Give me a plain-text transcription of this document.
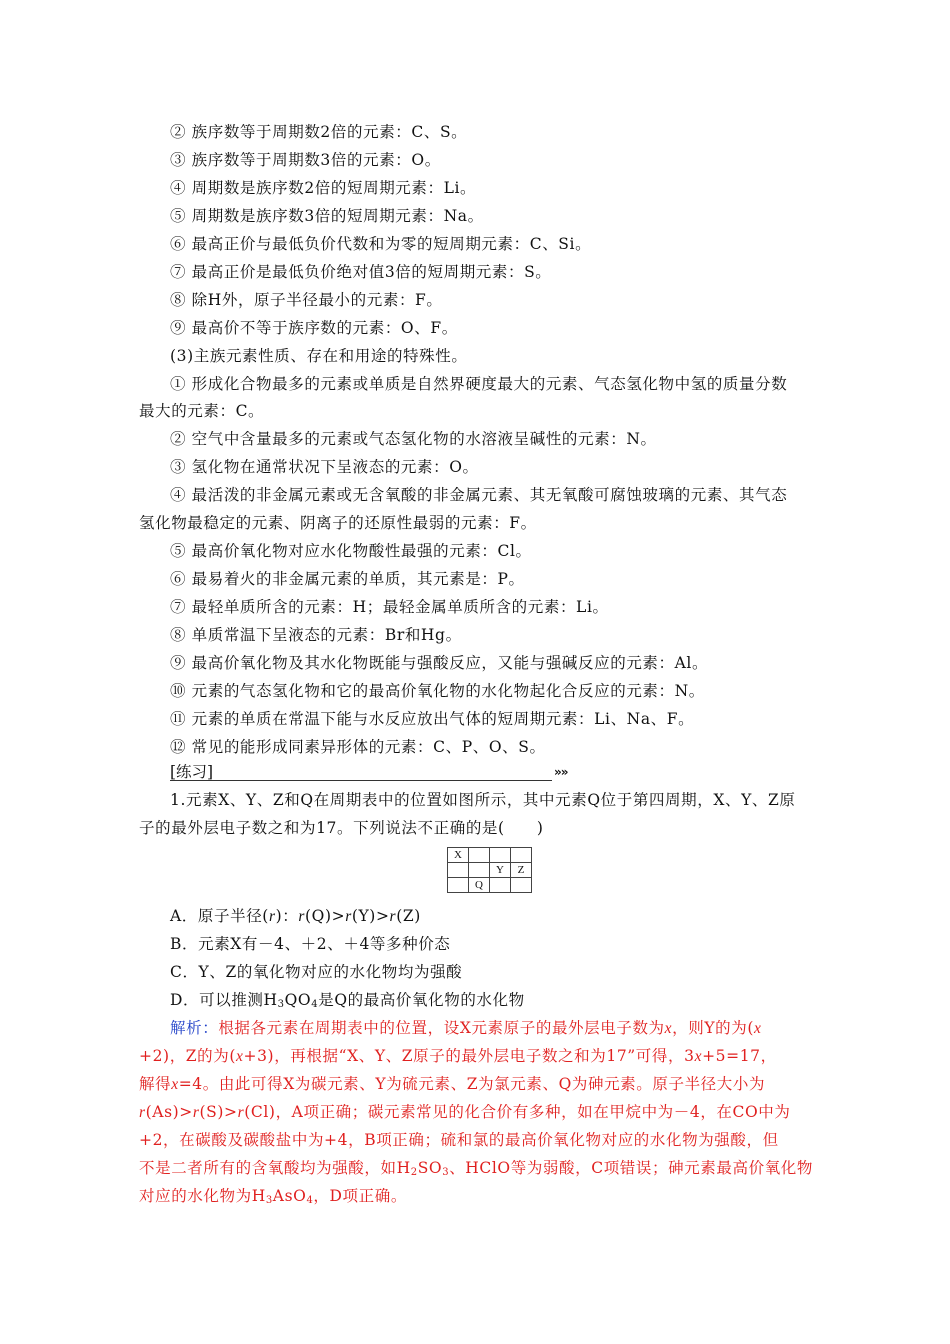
② 族序数等于周期数2倍的元素：C、S。
③ 族序数等于周期数3倍的元素：O。
④ 周期数是族序数2倍的短周期元素：Li。
⑤ 周期数是族序数3倍的短周期元素：Na。
⑥ 最高正价与最低负价代数和为零的短周期元素：C、Si。
⑦ 最高正价是最低负价绝对值3倍的短周期元素：S。
⑧ 除H外，原子半径最小的元素：F。
⑨ 最高价不等于族序数的元素：O、F。
(3)主族元素性质、存在和用途的特殊性。
① 形成化合物最多的元素或单质是自然界硬度最大的元素、气态氢化物中氢的质量分数
最大的元素：C。
② 空气中含量最多的元素或气态氢化物的水溶液呈碱性的元素：N。
③ 氢化物在通常状况下呈液态的元素：O。
④ 最活泼的非金属元素或无含氧酸的非金属元素、其无氧酸可腐蚀玻璃的元素、其气态
氢化物最稳定的元素、阴离子的还原性最弱的元素：F。
⑤ 最高价氧化物对应水化物酸性最强的元素：Cl。
⑥ 最易着火的非金属元素的单质，其元素是：P。
⑦ 最轻单质所含的元素：H；最轻金属单质所含的元素：Li。
⑧ 单质常温下呈液态的元素：Br和Hg。
⑨ 最高价氧化物及其水化物既能与强酸反应，又能与强碱反应的元素：Al。
⑩ 元素的气态氢化物和它的最高价氧化物的水化物起化合反应的元素：N。
⑪ 元素的单质在常温下能与水反应放出气体的短周期元素：Li、Na、F。
⑫ 常见的能形成同素异形体的元素：C、P、O、S。
[练习]	»»
1.元素X、Y、Z和Q在周期表中的位置如图所示，其中元素Q位于第四周期，X、Y、Z原
子的最外层电子数之和为17。下列说法不正确的是(　　)
X			
		Y	Z
	Q		
A．原子半径(r)：r(Q)>r(Y)>r(Z)
B．元素X有－4、＋2、＋4等多种价态
C．Y、Z的氧化物对应的水化物均为强酸
D．可以推测$H_3QO_4$是Q的最高价氧化物的水化物
解析：根据各元素在周期表中的位置，设X元素原子的最外层电子数为x，则Y的为(x
+2)，Z的为(x+3)，再根据“X、Y、Z原子的最外层电子数之和为17”可得，3x+5=17，
解得x=4。由此可得X为碳元素、Y为硫元素、Z为氯元素、Q为砷元素。原子半径大小为
r(As)>r(S)>r(Cl)，A项正确；碳元素常见的化合价有多种，如在甲烷中为－4，在CO中为
+2，在碳酸及碳酸盐中为+4，B项正确；硫和氯的最高价氧化物对应的水化物为强酸，但
不是二者所有的含氧酸均为强酸，如$H_2SO_3$、HClO等为弱酸，C项错误；砷元素最高价氧化物
对应的水化物为$H_3AsO_4$，D项正确。
